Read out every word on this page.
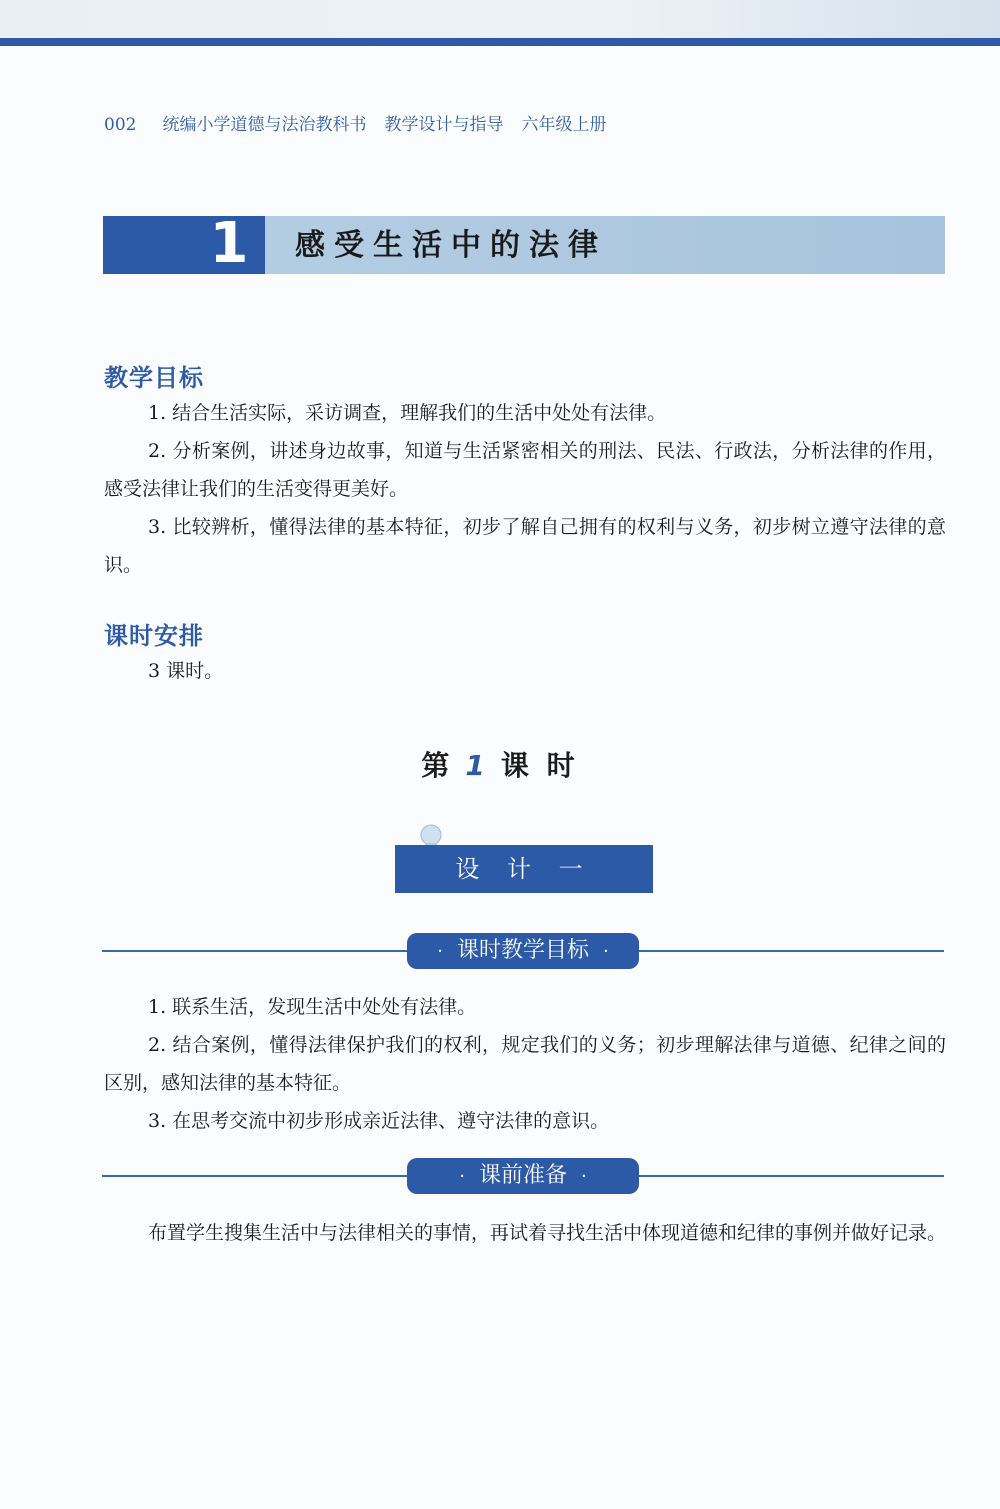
002 统编小学道德与法治教科书 教学设计与指导 六年级上册
1	感受生活中的法律
教学目标
1. 结合生活实际，采访调查，理解我们的生活中处处有法律。
2. 分析案例，讲述身边故事，知道与生活紧密相关的刑法、民法、行政法，分析法律的作用，感受法律让我们的生活变得更美好。
3. 比较辨析，懂得法律的基本特征，初步了解自己拥有的权利与义务，初步树立遵守法律的意识。
课时安排
3 课时。
第 1 课 时
设 计 一
· 课时教学目标 ·
1. 联系生活，发现生活中处处有法律。
2. 结合案例，懂得法律保护我们的权利，规定我们的义务；初步理解法律与道德、纪律之间的区别，感知法律的基本特征。
3. 在思考交流中初步形成亲近法律、遵守法律的意识。
· 课前准备 ·
布置学生搜集生活中与法律相关的事情，再试着寻找生活中体现道德和纪律的事例并做好记录。
